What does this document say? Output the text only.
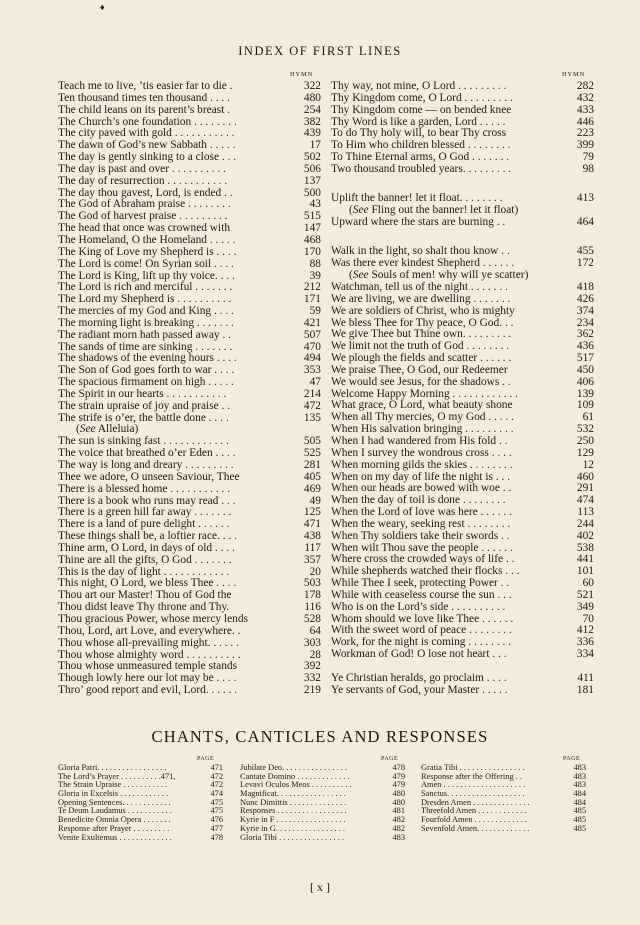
♦
INDEX OF FIRST LINES
HYMN	HYMN
Teach me to live, ’tis easier far to die .	322
Ten thousand times ten thousand . . . .	480
The child leans on its parent’s breast .	254
The Church’s one foundation . . . . . . . .	382
The city paved with gold . . . . . . . . . . .	439
The dawn of God’s new Sabbath . . . . .	17
The day is gently sinking to a close . . .	502
The day is past and over . . . . . . . . . .	506
The day of resurrection . . . . . . . . . . .	137
The day thou gavest, Lord, is ended . .	500
The God of Abraham praise . . . . . . . .	43
The God of harvest praise . . . . . . . . .	515
The head that once was crowned with	147
The Homeland, O the Homeland . . . . .	468
The King of Love my Shepherd is . . . .	170
The Lord is come! On Syrian soil . . . .	88
The Lord is King, lift up thy voice. . . .	39
The Lord is rich and merciful . . . . . . .	212
The Lord my Shepherd is . . . . . . . . . .	171
The mercies of my God and King . . . .	59
The morning light is breaking . . . . . . .	421
The radiant morn hath passed away . .	507
The sands of time are sinking . . . . . . .	470
The shadows of the evening hours . . . .	494
The Son of God goes forth to war . . . .	353
The spacious firmament on high . . . . .	47
The Spirit in our hearts . . . . . . . . . . .	214
The strain upraise of joy and praise . .	472
The strife is o’er, the battle done . . . .	135
(See Alleluia)
The sun is sinking fast . . . . . . . . . . . .	505
The voice that breathed o’er Eden . . . .	525
The way is long and dreary . . . . . . . . .	281
Thee we adore, O unseen Saviour, Thee	405
There is a blessed home . . . . . . . . . . .	469
There is a book who runs may read . . .	49
There is a green hill far away . . . . . . .	125
There is a land of pure delight . . . . . .	471
These things shall be, a loftier race. . . .	438
Thine arm, O Lord, in days of old . . . .	117
Thine are all the gifts, O God . . . . . . .	357
This is the day of light . . . . . . . . . . . .	20
This night, O Lord, we bless Thee . . . .	503
Thou art our Master! Thou of God the	178
Thou didst leave Thy throne and Thy.	116
Thou gracious Power, whose mercy lends	528
Thou, Lord, art Love, and everywhere. .	64
Thou whose all-prevailing might. . . . . .	303
Thou whose almighty word . . . . . . . . . .	28
Thou whose unmeasured temple stands	392
Though lowly here our lot may be . . . .	332
Thro’ good report and evil, Lord. . . . . .	219
Thy way, not mine, O Lord . . . . . . . . .	282
Thy Kingdom come, O Lord . . . . . . . . .	432
Thy Kingdom come — on bended knee	433
Thy Word is like a garden, Lord . . . . .	446
To do Thy holy will, to bear Thy cross	223
To Him who children blessed . . . . . . . .	399
To Thine Eternal arms, O God . . . . . . .	79
Two thousand troubled years. . . . . . . . .	98
Uplift the banner! let it float. . . . . . . .	413
(See Fling out the banner! let it float)
Upward where the stars are burning . .	464
Walk in the light, so shalt thou know . .	455
Was there ever kindest Shepherd . . . . . .	172
(See Souls of men! why will ye scatter)
Watchman, tell us of the night . . . . . . .	418
We are living, we are dwelling . . . . . . .	426
We are soldiers of Christ, who is mighty	374
We bless Thee for Thy peace, O God. . .	234
We give Thee but Thine own. . . . . . . . .	362
We limit not the truth of God . . . . . . . .	436
We plough the fields and scatter . . . . . .	517
We praise Thee, O God, our Redeemer	450
We would see Jesus, for the shadows . .	406
Welcome Happy Morning . . . . . . . . . . . .	139
What grace, O Lord, what beauty shone	109
When all Thy mercies, O my God . . . . .	61
When His salvation bringing . . . . . . . . .	532
When I had wandered from His fold . .	250
When I survey the wondrous cross . . . .	129
When morning gilds the skies . . . . . . . .	12
When on my day of life the night is . . .	460
When our heads are bowed with woe . .	291
When the day of toil is done . . . . . . . .	474
When the Lord of love was here . . . . . .	113
When the weary, seeking rest . . . . . . . .	244
When Thy soldiers take their swords . .	402
When wilt Thou save the people . . . . . .	538
Where cross the crowded ways of life . .	441
While shepherds watched their flocks . . .	101
While Thee I seek, protecting Power . .	60
While with ceaseless course the sun . . .	521
Who is on the Lord’s side . . . . . . . . . .	349
Whom should we love like Thee . . . . . .	70
With the sweet word of peace . . . . . . . .	412
Work, for the night is coming . . . . . . . .	336
Workman of God! O lose not heart . . .	334
Ye Christian heralds, go proclaim . . . .	411
Ye servants of God, your Master . . . . .	181
CHANTS, CANTICLES AND RESPONSES
PAGE	PAGE	PAGE
Gloria Patri. . . . . . . . . . . . . . . . .	471
The Lord’s Prayer . . . . . . . . . .471,	472
The Strain Upraise . . . . . . . . . . .	472
Gloria in Excelsis . . . . . . . . . . . .	474
Opening Sentences. . . . . . . . . . . .	475
Te Deum Laudamus . . . . . . . . . . .	475
Benedicite Omnia Opera . . . . . . .	476
Response after Prayer . . . . . . . . .	477
Venite Exultemus . . . . . . . . . . . . .	478
Jubilate Deo. . . . . . . . . . . . . . . .	478
Cantate Domino . . . . . . . . . . . . .	479
Levavi Oculos Meos . . . . . . . . . .	479
Magnificat. . . . . . . . . . . . . . . . .	480
Nunc Dimittis . . . . . . . . . . . . . .	480
Responses . . . . . . . . . . . . . . . . .	481
Kyrie in F . . . . . . . . . . . . . . . . .	482
Kyrie in G. . . . . . . . . . . . . . . . .	482
Gloria Tibi . . . . . . . . . . . . . . . .	483
Gratia Tibi . . . . . . . . . . . . . . . .	483
Response after the Offering . .	483
Amen . . . . . . . . . . . . . . . . . . . .	483
Sanctus. . . . . . . . . . . . . . . . . . .	484
Dresden Amen . . . . . . . . . . . . . .	484
Threefold Amen . . . . . . . . . . . .	485
Fourfold Amen . . . . . . . . . . . . .	485
Sevenfold Amen. . . . . . . . . . . . .	485
[ x ]
